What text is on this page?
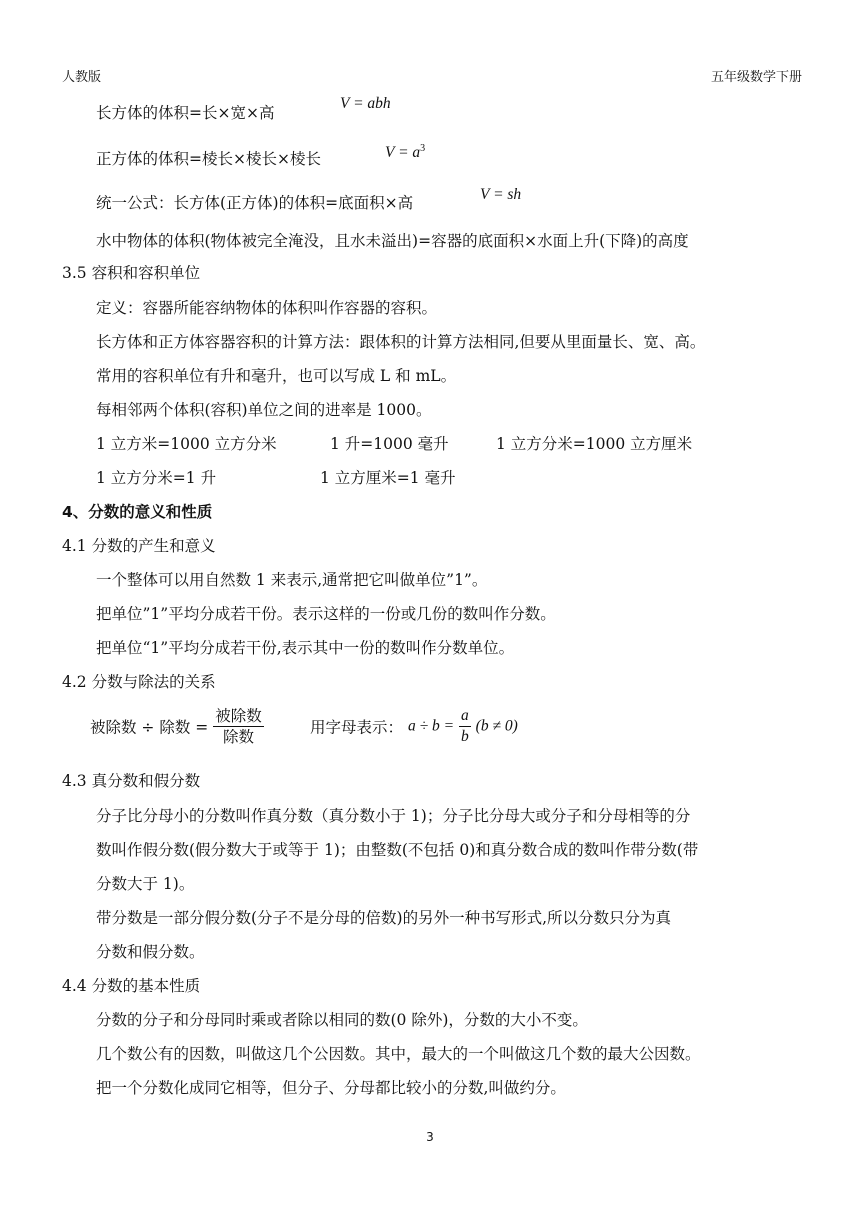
人教版	五年级数学下册
长方体的体积=长×宽×高
V = abh
正方体的体积=棱长×棱长×棱长	$V = a^3$
统一公式：长方体(正方体)的体积=底面积×高	V = sh
水中物体的体积(物体被完全淹没，且水未溢出)=容器的底面积×水面上升(下降)的高度
3.5 容积和容积单位
定义：容器所能容纳物体的体积叫作容器的容积。
长方体和正方体容器容积的计算方法：跟体积的计算方法相同,但要从里面量长、宽、高。
常用的容积单位有升和毫升，也可以写成 L 和 mL。
每相邻两个体积(容积)单位之间的进率是 1000。
1 立方米=1000 立方分米	1 升=1000 毫升	1 立方分米=1000 立方厘米
1 立方分米=1 升	1 立方厘米=1 毫升
4、分数的意义和性质
4.1 分数的产生和意义
一个整体可以用自然数 1 来表示,通常把它叫做单位”1”。
把单位”1”平均分成若干份。表示这样的一份或几份的数叫作分数。
把单位“1”平均分成若干份,表示其中一份的数叫作分数单位。
4.2 分数与除法的关系
被除数 ÷ 除数 = $\frac{\text{被除数}}{\text{除数}}$	用字母表示： $a \div b = \frac{a}{b} (b \ne 0)$
4.3 真分数和假分数
分子比分母小的分数叫作真分数（真分数小于 1)；分子比分母大或分子和分母相等的分
数叫作假分数(假分数大于或等于 1)；由整数(不包括 0)和真分数合成的数叫作带分数(带
分数大于 1)。
带分数是一部分假分数(分子不是分母的倍数)的另外一种书写形式,所以分数只分为真
分数和假分数。
4.4 分数的基本性质
分数的分子和分母同时乘或者除以相同的数(0 除外)，分数的大小不变。
几个数公有的因数，叫做这几个公因数。其中，最大的一个叫做这几个数的最大公因数。
把一个分数化成同它相等，但分子、分母都比较小的分数,叫做约分。
3
